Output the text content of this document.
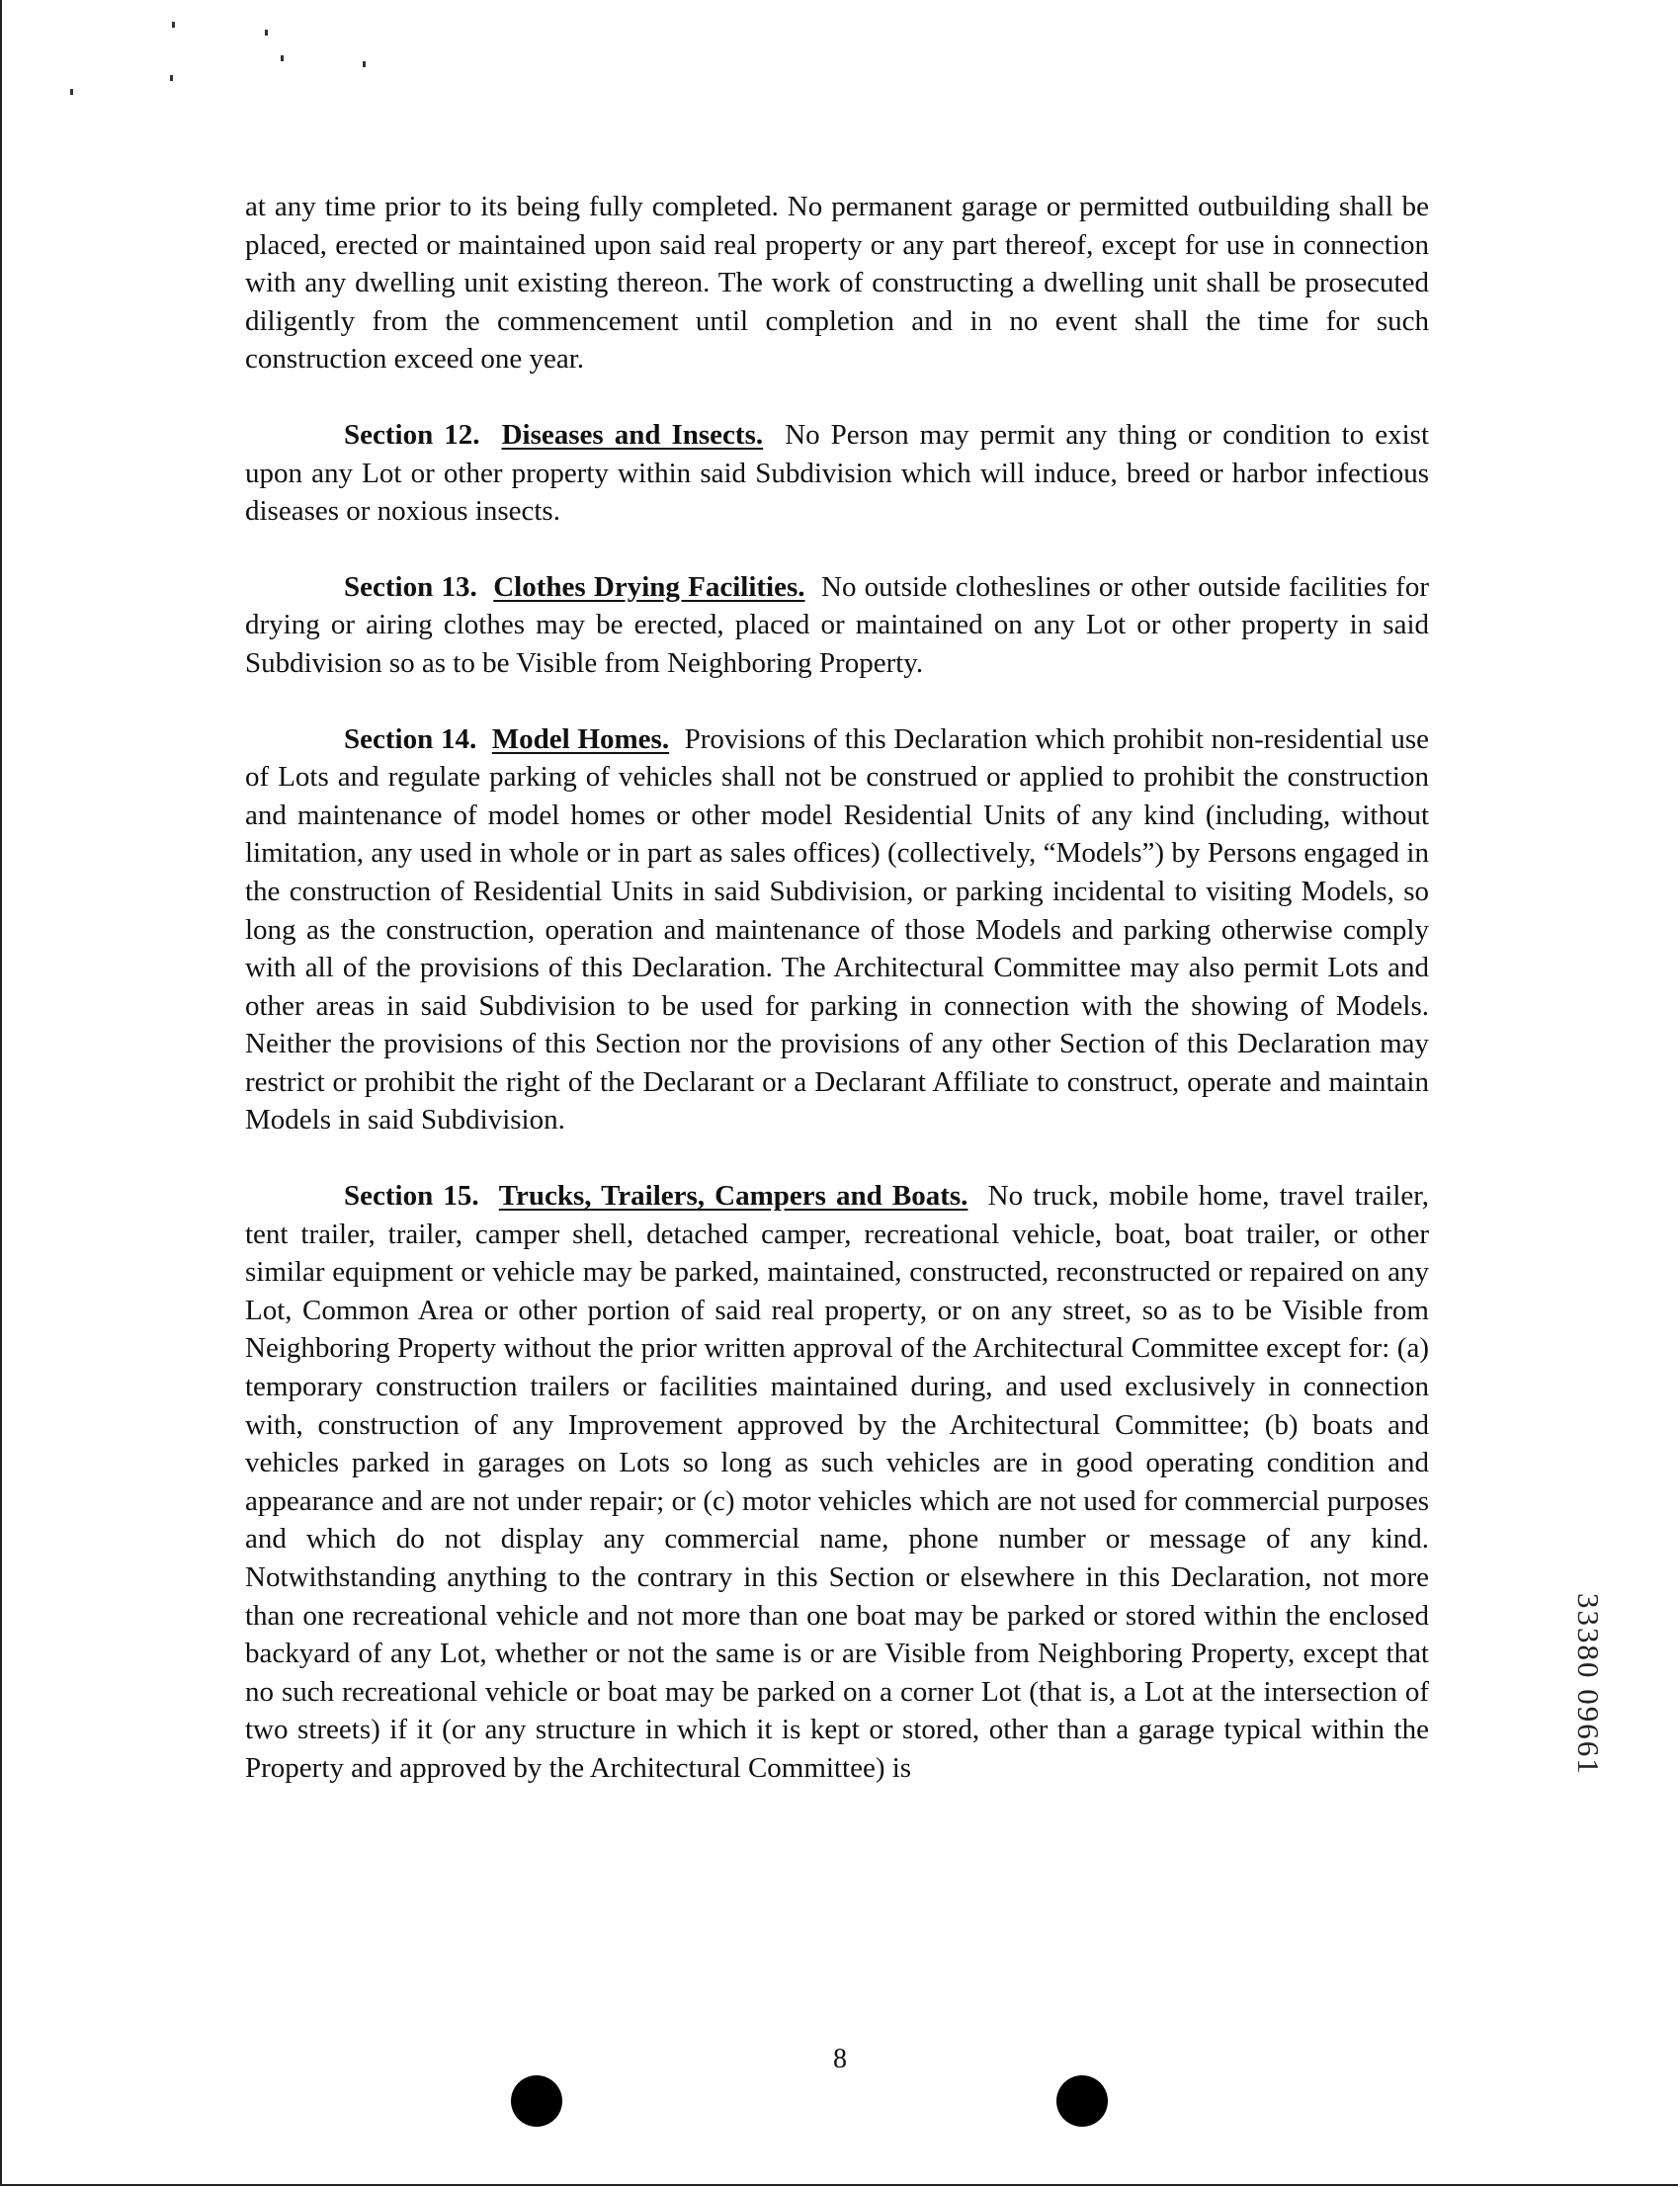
at any time prior to its being fully completed. No permanent garage or permitted outbuilding shall be placed, erected or maintained upon said real property or any part thereof, except for use in connection with any dwelling unit existing thereon. The work of constructing a dwelling unit shall be prosecuted diligently from the commencement until completion and in no event shall the time for such construction exceed one year.

Section 12. Diseases and Insects. No Person may permit any thing or condition to exist upon any Lot or other property within said Subdivision which will induce, breed or harbor infectious diseases or noxious insects.

Section 13. Clothes Drying Facilities. No outside clotheslines or other outside facilities for drying or airing clothes may be erected, placed or maintained on any Lot or other property in said Subdivision so as to be Visible from Neighboring Property.

Section 14. Model Homes. Provisions of this Declaration which prohibit non-residential use of Lots and regulate parking of vehicles shall not be construed or applied to prohibit the construction and maintenance of model homes or other model Residential Units of any kind (including, without limitation, any used in whole or in part as sales offices) (collectively, “Models”) by Persons engaged in the construction of Residential Units in said Subdivision, or parking incidental to visiting Models, so long as the construction, operation and maintenance of those Models and parking otherwise comply with all of the provisions of this Declaration. The Architectural Committee may also permit Lots and other areas in said Subdivision to be used for parking in connection with the showing of Models. Neither the provisions of this Section nor the provisions of any other Section of this Declaration may restrict or prohibit the right of the Declarant or a Declarant Affiliate to construct, operate and maintain Models in said Subdivision.

Section 15. Trucks, Trailers, Campers and Boats. No truck, mobile home, travel trailer, tent trailer, trailer, camper shell, detached camper, recreational vehicle, boat, boat trailer, or other similar equipment or vehicle may be parked, maintained, constructed, reconstructed or repaired on any Lot, Common Area or other portion of said real property, or on any street, so as to be Visible from Neighboring Property without the prior written approval of the Architectural Committee except for: (a) temporary construction trailers or facilities maintained during, and used exclusively in connection with, construction of any Improvement approved by the Architectural Committee; (b) boats and vehicles parked in garages on Lots so long as such vehicles are in good operating condition and appearance and are not under repair; or (c) motor vehicles which are not used for commercial purposes and which do not display any commercial name, phone number or message of any kind. Notwithstanding anything to the contrary in this Section or elsewhere in this Declaration, not more than one recreational vehicle and not more than one boat may be parked or stored within the enclosed backyard of any Lot, whether or not the same is or are Visible from Neighboring Property, except that no such recreational vehicle or boat may be parked on a corner Lot (that is, a Lot at the intersection of two streets) if it (or any structure in which it is kept or stored, other than a garage typical within the Property and approved by the Architectural Committee) is	33380 09661
8
